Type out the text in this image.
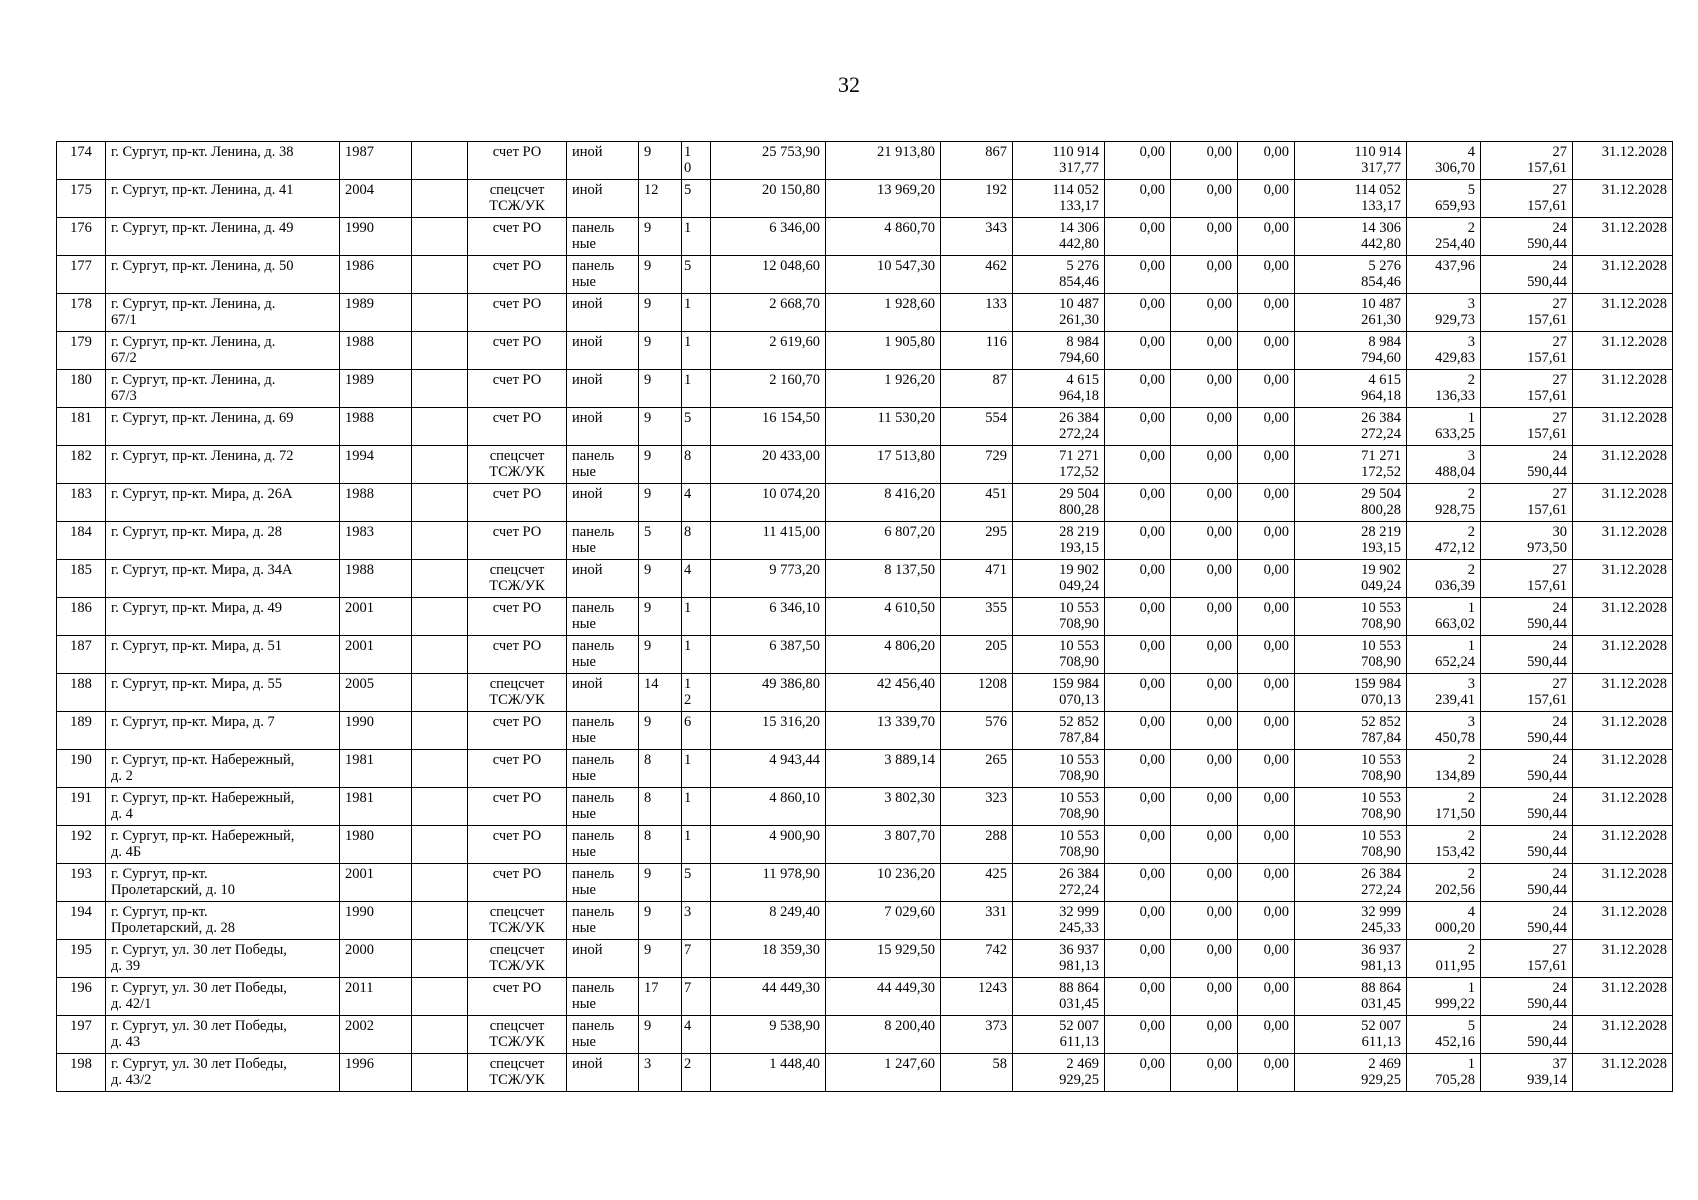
32
174	г. Сургут, пр-кт. Ленина, д. 38	1987		счет РО	иной	9	1
0	25 753,90	21 913,80	867	110 914
317,77	0,00	0,00	0,00	110 914
317,77	4
306,70	27
157,61	31.12.2028

175	г. Сургут, пр-кт. Ленина, д. 41	2004		спецсчет
ТСЖ/УК	иной	12	5	20 150,80	13 969,20	192	114 052
133,17	0,00	0,00	0,00	114 052
133,17	5
659,93	27
157,61	31.12.2028

176	г. Сургут, пр-кт. Ленина, д. 49	1990		счет РО	панель
ные	9	1	6 346,00	4 860,70	343	14 306
442,80	0,00	0,00	0,00	14 306
442,80	2
254,40	24
590,44	31.12.2028

177	г. Сургут, пр-кт. Ленина, д. 50	1986		счет РО	панель
ные	9	5	12 048,60	10 547,30	462	5 276
854,46	0,00	0,00	0,00	5 276
854,46	437,96	24
590,44	31.12.2028

178	г. Сургут, пр-кт. Ленина, д.
67/1	1989		счет РО	иной	9	1	2 668,70	1 928,60	133	10 487
261,30	0,00	0,00	0,00	10 487
261,30	3
929,73	27
157,61	31.12.2028

179	г. Сургут, пр-кт. Ленина, д.
67/2	1988		счет РО	иной	9	1	2 619,60	1 905,80	116	8 984
794,60	0,00	0,00	0,00	8 984
794,60	3
429,83	27
157,61	31.12.2028

180	г. Сургут, пр-кт. Ленина, д.
67/3	1989		счет РО	иной	9	1	2 160,70	1 926,20	87	4 615
964,18	0,00	0,00	0,00	4 615
964,18	2
136,33	27
157,61	31.12.2028

181	г. Сургут, пр-кт. Ленина, д. 69	1988		счет РО	иной	9	5	16 154,50	11 530,20	554	26 384
272,24	0,00	0,00	0,00	26 384
272,24	1
633,25	27
157,61	31.12.2028

182	г. Сургут, пр-кт. Ленина, д. 72	1994		спецсчет
ТСЖ/УК	панель
ные	9	8	20 433,00	17 513,80	729	71 271
172,52	0,00	0,00	0,00	71 271
172,52	3
488,04	24
590,44	31.12.2028

183	г. Сургут, пр-кт. Мира, д. 26А	1988		счет РО	иной	9	4	10 074,20	8 416,20	451	29 504
800,28	0,00	0,00	0,00	29 504
800,28	2
928,75	27
157,61	31.12.2028

184	г. Сургут, пр-кт. Мира, д. 28	1983		счет РО	панель
ные	5	8	11 415,00	6 807,20	295	28 219
193,15	0,00	0,00	0,00	28 219
193,15	2
472,12	30
973,50	31.12.2028

185	г. Сургут, пр-кт. Мира, д. 34А	1988		спецсчет
ТСЖ/УК	иной	9	4	9 773,20	8 137,50	471	19 902
049,24	0,00	0,00	0,00	19 902
049,24	2
036,39	27
157,61	31.12.2028

186	г. Сургут, пр-кт. Мира, д. 49	2001		счет РО	панель
ные	9	1	6 346,10	4 610,50	355	10 553
708,90	0,00	0,00	0,00	10 553
708,90	1
663,02	24
590,44	31.12.2028

187	г. Сургут, пр-кт. Мира, д. 51	2001		счет РО	панель
ные	9	1	6 387,50	4 806,20	205	10 553
708,90	0,00	0,00	0,00	10 553
708,90	1
652,24	24
590,44	31.12.2028

188	г. Сургут, пр-кт. Мира, д. 55	2005		спецсчет
ТСЖ/УК	иной	14	1
2	49 386,80	42 456,40	1208	159 984
070,13	0,00	0,00	0,00	159 984
070,13	3
239,41	27
157,61	31.12.2028

189	г. Сургут, пр-кт. Мира, д. 7	1990		счет РО	панель
ные	9	6	15 316,20	13 339,70	576	52 852
787,84	0,00	0,00	0,00	52 852
787,84	3
450,78	24
590,44	31.12.2028

190	г. Сургут, пр-кт. Набережный,
д. 2	1981		счет РО	панель
ные	8	1	4 943,44	3 889,14	265	10 553
708,90	0,00	0,00	0,00	10 553
708,90	2
134,89	24
590,44	31.12.2028

191	г. Сургут, пр-кт. Набережный,
д. 4	1981		счет РО	панель
ные	8	1	4 860,10	3 802,30	323	10 553
708,90	0,00	0,00	0,00	10 553
708,90	2
171,50	24
590,44	31.12.2028

192	г. Сургут, пр-кт. Набережный,
д. 4Б	1980		счет РО	панель
ные	8	1	4 900,90	3 807,70	288	10 553
708,90	0,00	0,00	0,00	10 553
708,90	2
153,42	24
590,44	31.12.2028

193	г. Сургут, пр-кт.
Пролетарский, д. 10	2001		счет РО	панель
ные	9	5	11 978,90	10 236,20	425	26 384
272,24	0,00	0,00	0,00	26 384
272,24	2
202,56	24
590,44	31.12.2028

194	г. Сургут, пр-кт.
Пролетарский, д. 28	1990		спецсчет
ТСЖ/УК	панель
ные	9	3	8 249,40	7 029,60	331	32 999
245,33	0,00	0,00	0,00	32 999
245,33	4
000,20	24
590,44	31.12.2028

195	г. Сургут, ул. 30 лет Победы,
д. 39	2000		спецсчет
ТСЖ/УК	иной	9	7	18 359,30	15 929,50	742	36 937
981,13	0,00	0,00	0,00	36 937
981,13	2
011,95	27
157,61	31.12.2028

196	г. Сургут, ул. 30 лет Победы,
д. 42/1	2011		счет РО	панель
ные	17	7	44 449,30	44 449,30	1243	88 864
031,45	0,00	0,00	0,00	88 864
031,45	1
999,22	24
590,44	31.12.2028

197	г. Сургут, ул. 30 лет Победы,
д. 43	2002		спецсчет
ТСЖ/УК	панель
ные	9	4	9 538,90	8 200,40	373	52 007
611,13	0,00	0,00	0,00	52 007
611,13	5
452,16	24
590,44	31.12.2028

198	г. Сургут, ул. 30 лет Победы,
д. 43/2	1996		спецсчет
ТСЖ/УК	иной	3	2	1 448,40	1 247,60	58	2 469
929,25	0,00	0,00	0,00	2 469
929,25	1
705,28	37
939,14	31.12.2028
